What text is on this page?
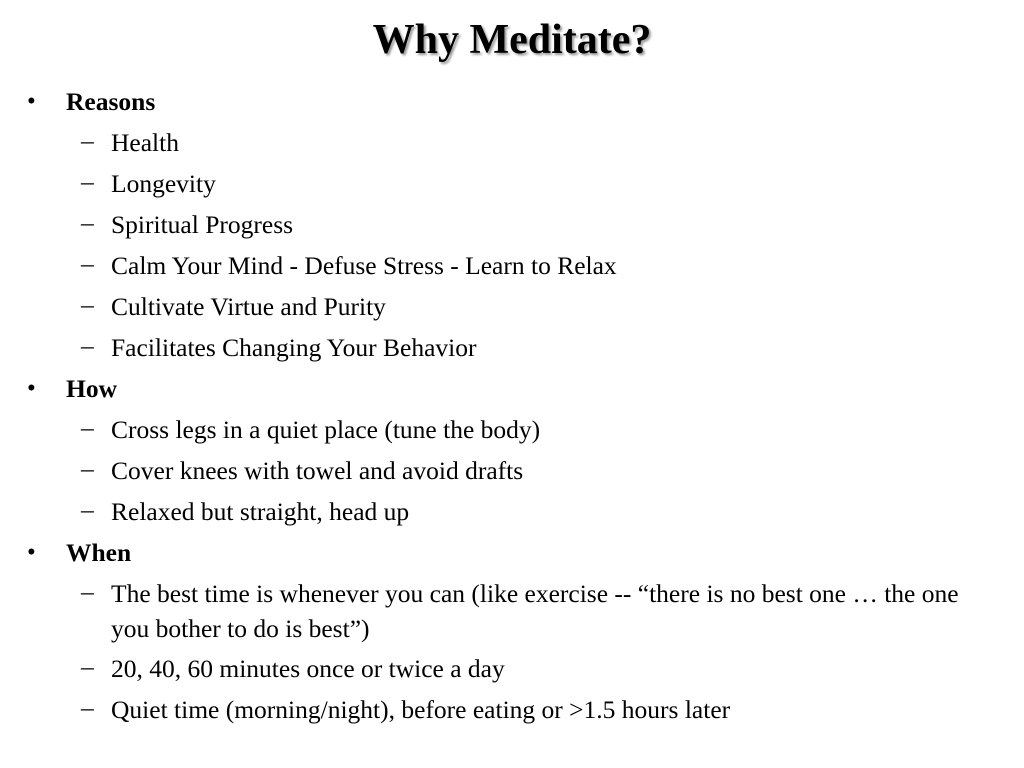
Why Meditate?
• Reasons
– Health
– Longevity
– Spiritual Progress
– Calm Your Mind - Defuse Stress - Learn to Relax
– Cultivate Virtue and Purity
– Facilitates Changing Your Behavior
• How
– Cross legs in a quiet place (tune the body)
– Cover knees with towel and avoid drafts
– Relaxed but straight, head up
• When
– The best time is whenever you can (like exercise -- “there is no best one … the one you bother to do is best”)
– 20, 40, 60 minutes once or twice a day
– Quiet time (morning/night), before eating or >1.5 hours later
